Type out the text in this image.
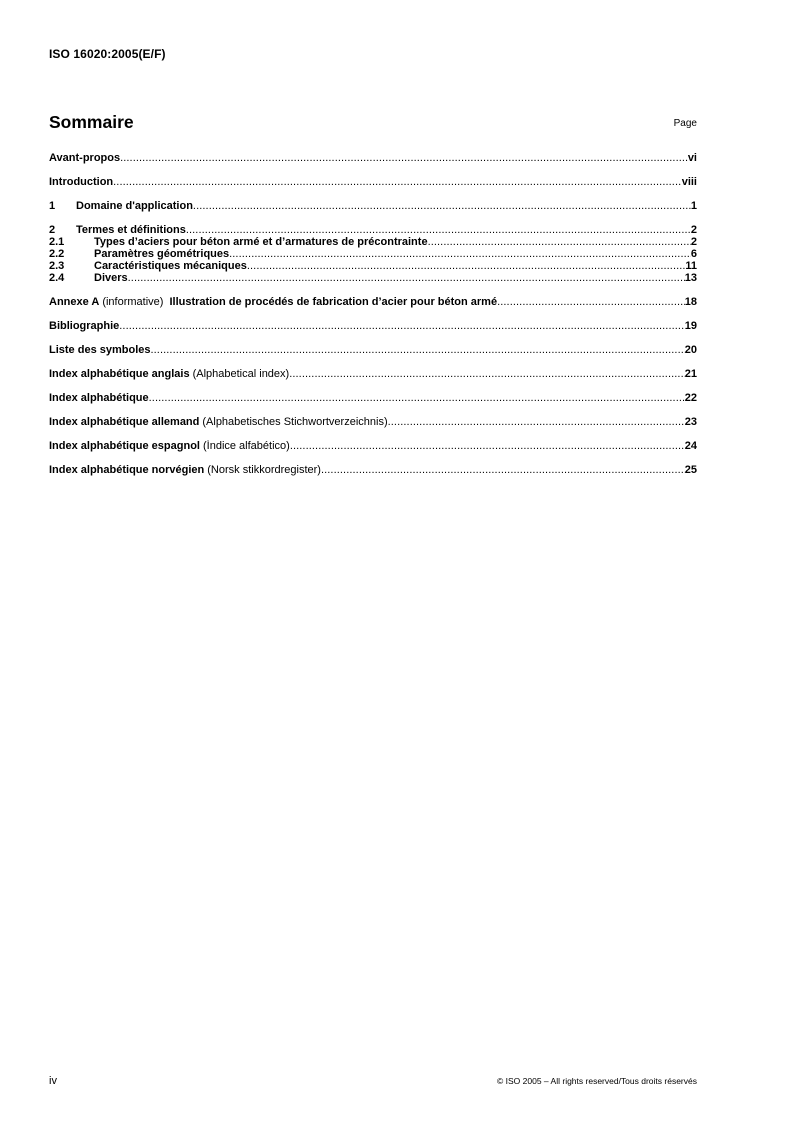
ISO 16020:2005(E/F)
Sommaire	Page
Avant-propos .....	vi
Introduction .....	viii
1	Domaine d'application .....	1
2	Termes et définitions .....	2
2.1	Types d’aciers pour béton armé et d’armatures de précontrainte .....	2
2.2	Paramètres géométriques .....	6
2.3	Caractéristiques mécaniques .....	11
2.4	Divers .....	13
Annexe A (informative) Illustration de procédés de fabrication d’acier pour béton armé .....	18
Bibliographie .....	19
Liste des symboles .....	20
Index alphabétique anglais (Alphabetical index) .....	21
Index alphabétique .....	22
Index alphabétique allemand (Alphabetisches Stichwortverzeichnis) .....	23
Index alphabétique espagnol (Índice alfabético) .....	24
Index alphabétique norvégien (Norsk stikkordregister) .....	25
iv	© ISO 2005 – All rights reserved/Tous droits réservés
